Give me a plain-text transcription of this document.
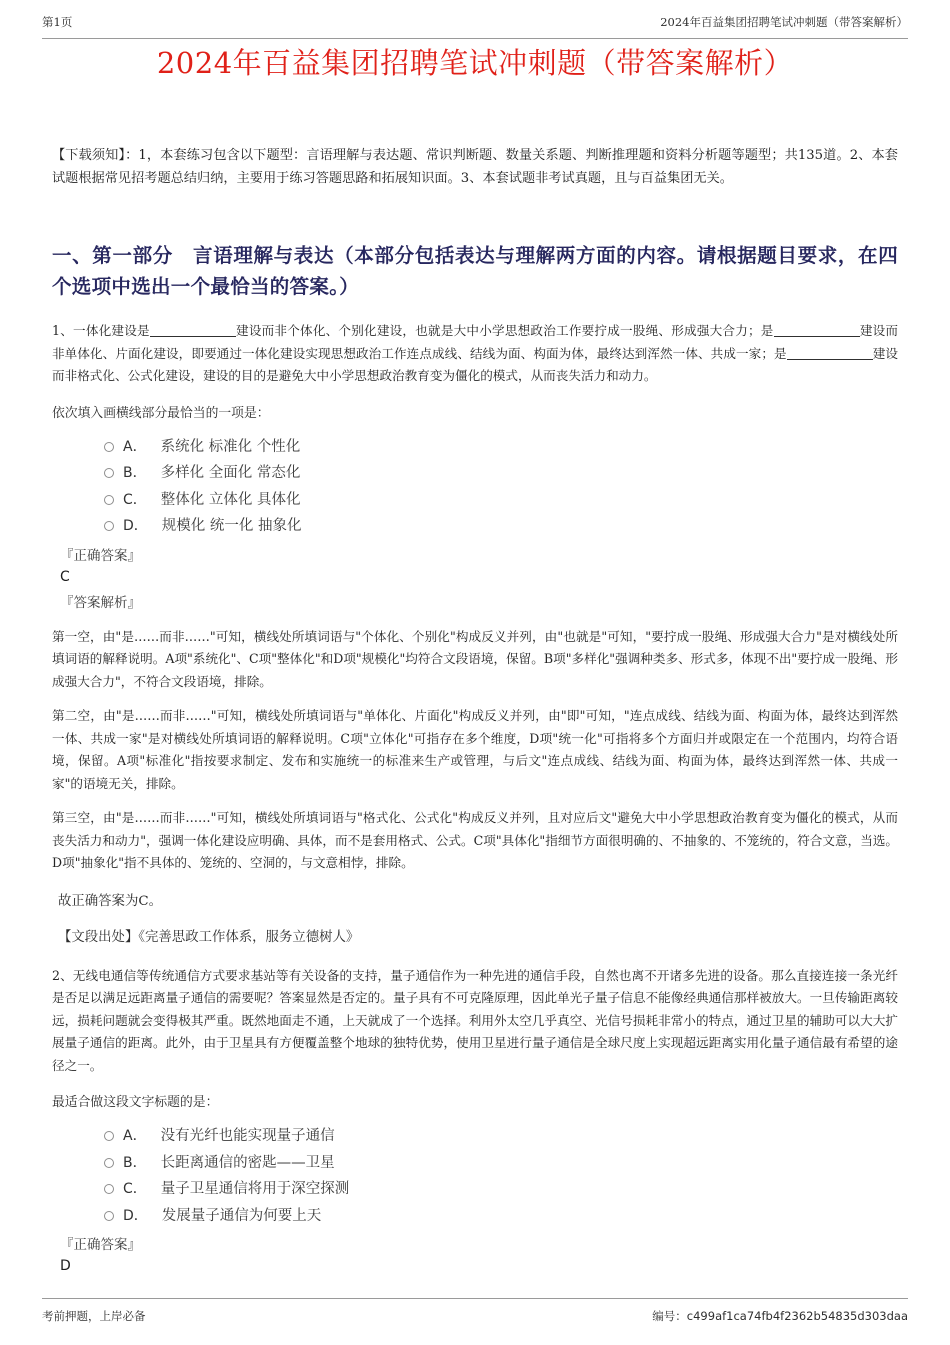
第1页	2024年百益集团招聘笔试冲刺题（带答案解析）
2024年百益集团招聘笔试冲刺题（带答案解析）

【下载须知】：1，本套练习包含以下题型：言语理解与表达题、常识判断题、数量关系题、判断推理题和资料分析题等题型；共135道。2、本套试题根据常见招考题总结归纳，主要用于练习答题思路和拓展知识面。3、本套试题非考试真题，且与百益集团无关。

一、第一部分　言语理解与表达（本部分包括表达与理解两方面的内容。请根据题目要求，在四个选项中选出一个最恰当的答案。）

1、一体化建设是	建设而非个体化、个别化建设，也就是大中小学思想政治工作要拧成一股绳、形成强大合力；是	建设而非单体化、片面化建设，即要通过一体化建设实现思想政治工作连点成线、结线为面、构面为体，最终达到浑然一体、共成一家；是	建设而非格式化、公式化建设，建设的目的是避免大中小学思想政治教育变为僵化的模式，从而丧失活力和动力。

依次填入画横线部分最恰当的一项是：

A． 系统化 标准化 个性化
B． 多样化 全面化 常态化
C． 整体化 立体化 具体化
D． 规模化 统一化 抽象化

『正确答案』

C

『答案解析』

第一空，由"是……而非……"可知，横线处所填词语与"个体化、个别化"构成反义并列，由"也就是"可知，"要拧成一股绳、形成强大合力"是对横线处所填词语的解释说明。A项"系统化"、C项"整体化"和D项"规模化"均符合文段语境，保留。B项"多样化"强调种类多、形式多，体现不出"要拧成一股绳、形成强大合力"，不符合文段语境，排除。

第二空，由"是……而非……"可知，横线处所填词语与"单体化、片面化"构成反义并列，由"即"可知，"连点成线、结线为面、构面为体，最终达到浑然一体、共成一家"是对横线处所填词语的解释说明。C项"立体化"可指存在多个维度，D项"统一化"可指将多个方面归并或限定在一个范围内，均符合语境，保留。A项"标准化"指按要求制定、发布和实施统一的标准来生产或管理，与后文"连点成线、结线为面、构面为体，最终达到浑然一体、共成一家"的语境无关，排除。

第三空，由"是……而非……"可知，横线处所填词语与"格式化、公式化"构成反义并列，且对应后文"避免大中小学思想政治教育变为僵化的模式，从而丧失活力和动力"，强调一体化建设应明确、具体，而不是套用格式、公式。C项"具体化"指细节方面很明确的、不抽象的、不笼统的，符合文意，当选。D项"抽象化"指不具体的、笼统的、空洞的，与文意相悖，排除。

故正确答案为C。

【文段出处】《完善思政工作体系，服务立德树人》

2、无线电通信等传统通信方式要求基站等有关设备的支持，量子通信作为一种先进的通信手段，自然也离不开诸多先进的设备。那么直接连接一条光纤是否足以满足远距离量子通信的需要呢？答案显然是否定的。量子具有不可克隆原理，因此单光子量子信息不能像经典通信那样被放大。一旦传输距离较远，损耗问题就会变得极其严重。既然地面走不通，上天就成了一个选择。利用外太空几乎真空、光信号损耗非常小的特点，通过卫星的辅助可以大大扩展量子通信的距离。此外，由于卫星具有方便覆盖整个地球的独特优势，使用卫星进行量子通信是全球尺度上实现超远距离实用化量子通信最有希望的途径之一。

最适合做这段文字标题的是：

A． 没有光纤也能实现量子通信
B． 长距离通信的密匙——卫星
C． 量子卫星通信将用于深空探测
D． 发展量子通信为何要上天

『正确答案』

D

考前押题，上岸必备	编号：c499af1ca74fb4f2362b54835d303daa
